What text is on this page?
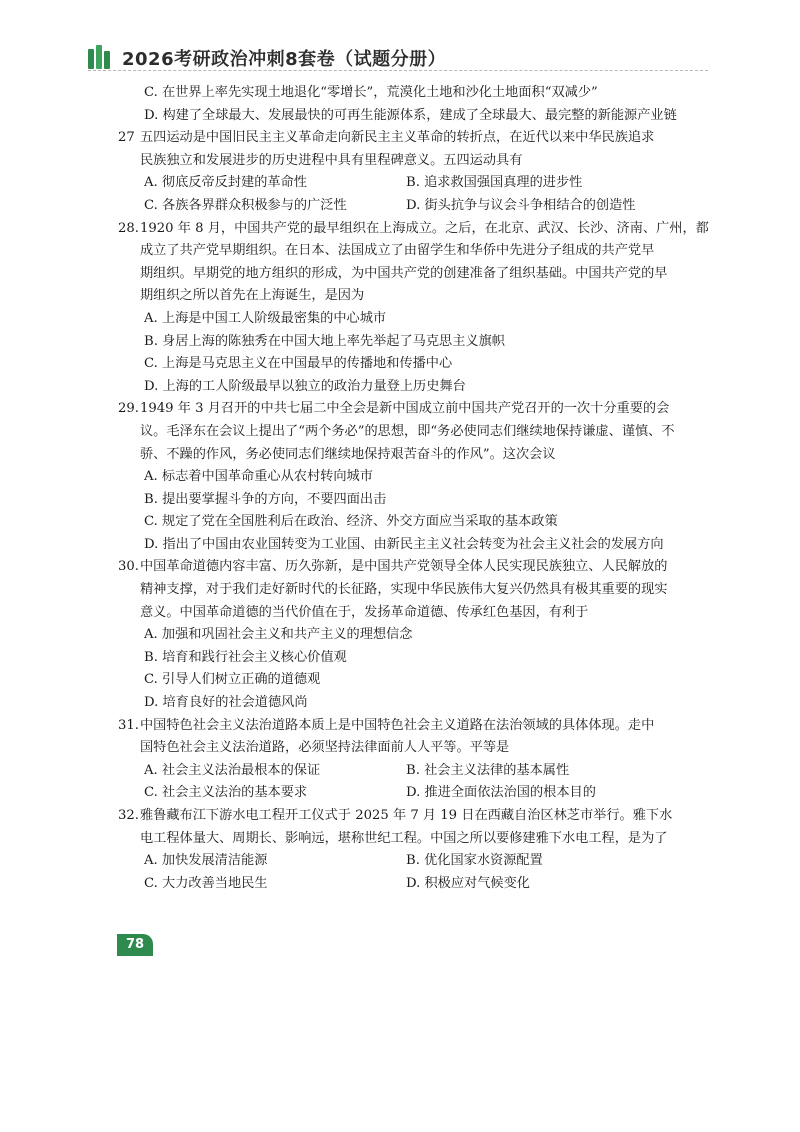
2026考研政治冲刺8套卷（试题分册）
C. 在世界上率先实现土地退化“零增长”，荒漠化土地和沙化土地面积“双减少”
D. 构建了全球最大、发展最快的可再生能源体系，建成了全球最大、最完整的新能源产业链
27 五四运动是中国旧民主主义革命走向新民主主义革命的转折点，在近代以来中华民族追求
民族独立和发展进步的历史进程中具有里程碑意义。五四运动具有
A. 彻底反帝反封建的革命性	B. 追求救国强国真理的进步性
C. 各族各界群众积极参与的广泛性	D. 街头抗争与议会斗争相结合的创造性
28. 1920 年 8 月，中国共产党的最早组织在上海成立。之后，在北京、武汉、长沙、济南、广州，都
成立了共产党早期组织。在日本、法国成立了由留学生和华侨中先进分子组成的共产党早
期组织。早期党的地方组织的形成，为中国共产党的创建准备了组织基础。中国共产党的早
期组织之所以首先在上海诞生，是因为
A. 上海是中国工人阶级最密集的中心城市
B. 身居上海的陈独秀在中国大地上率先举起了马克思主义旗帜
C. 上海是马克思主义在中国最早的传播地和传播中心
D. 上海的工人阶级最早以独立的政治力量登上历史舞台
29. 1949 年 3 月召开的中共七届二中全会是新中国成立前中国共产党召开的一次十分重要的会
议。毛泽东在会议上提出了“两个务必”的思想，即“务必使同志们继续地保持谦虚、谨慎、不
骄、不躁的作风，务必使同志们继续地保持艰苦奋斗的作风”。这次会议
A. 标志着中国革命重心从农村转向城市
B. 提出要掌握斗争的方向，不要四面出击
C. 规定了党在全国胜利后在政治、经济、外交方面应当采取的基本政策
D. 指出了中国由农业国转变为工业国、由新民主主义社会转变为社会主义社会的发展方向
30. 中国革命道德内容丰富、历久弥新，是中国共产党领导全体人民实现民族独立、人民解放的
精神支撑，对于我们走好新时代的长征路，实现中华民族伟大复兴仍然具有极其重要的现实
意义。中国革命道德的当代价值在于，发扬革命道德、传承红色基因，有利于
A. 加强和巩固社会主义和共产主义的理想信念
B. 培育和践行社会主义核心价值观
C. 引导人们树立正确的道德观
D. 培育良好的社会道德风尚
31. 中国特色社会主义法治道路本质上是中国特色社会主义道路在法治领域的具体体现。走中
国特色社会主义法治道路，必须坚持法律面前人人平等。平等是
A. 社会主义法治最根本的保证	B. 社会主义法律的基本属性
C. 社会主义法治的基本要求	D. 推进全面依法治国的根本目的
32. 雅鲁藏布江下游水电工程开工仪式于 2025 年 7 月 19 日在西藏自治区林芝市举行。雅下水
电工程体量大、周期长、影响远，堪称世纪工程。中国之所以要修建雅下水电工程，是为了
A. 加快发展清洁能源	B. 优化国家水资源配置
C. 大力改善当地民生	D. 积极应对气候变化
78
